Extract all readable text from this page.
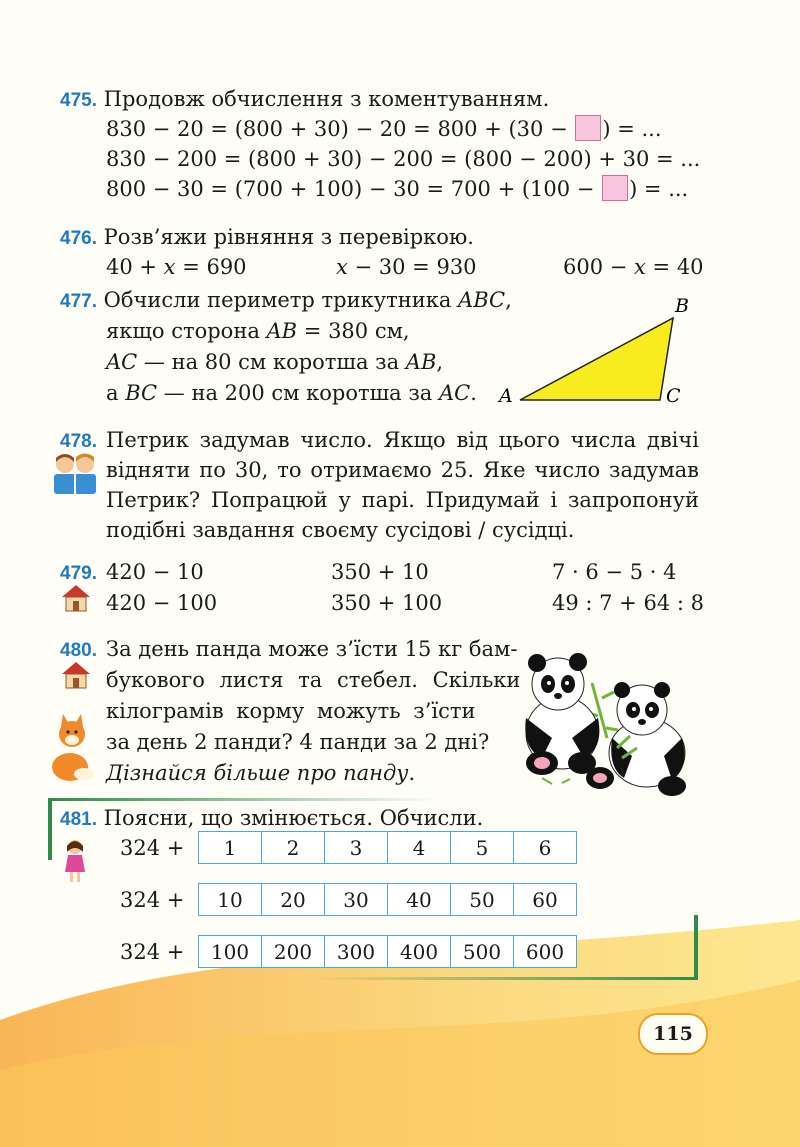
475. Продовж обчислення з коментуванням.
830 − 20 = (800 + 30) − 20 = 800 + (30 − ) = ...
830 − 200 = (800 + 30) − 200 = (800 − 200) + 30 = ...
800 − 30 = (700 + 100) − 30 = 700 + (100 − ) = ...
476. Розв’яжи рівняння з перевіркою.
40 + x = 690	x − 30 = 930	600 − x = 40
477. Обчисли периметр трикутника ABC,
якщо сторона AB = 380 см,
AC — на 80 см коротша за AB,
а BC — на 200 см коротша за AC. A
B
C
478. Петрик задумав число. Якщо від цього числа двічі
відняти по 30, то отримаємо 25. Яке число задумав
Петрик? Попрацюй у парі. Придумай і запропонуй
подібні завдання своєму сусідові / сусідці.
479. 420 − 10	350 + 10	7 · 6 − 5 · 4
420 − 100	350 + 100	49 : 7 + 64 : 8
480. За день панда може з’їсти 15 кг бам-
букового листя та стебел. Скільки
кілограмів корму можуть з’їсти
за день 2 панди? 4 панди за 2 дні?
Дізнайся більше про панду.
481. Поясни, що змінюється. Обчисли.
324 +
324 +
324 +
1	2	3	4	5	6
10	20	30	40	50	60
100	200	300	400	500	600
115
